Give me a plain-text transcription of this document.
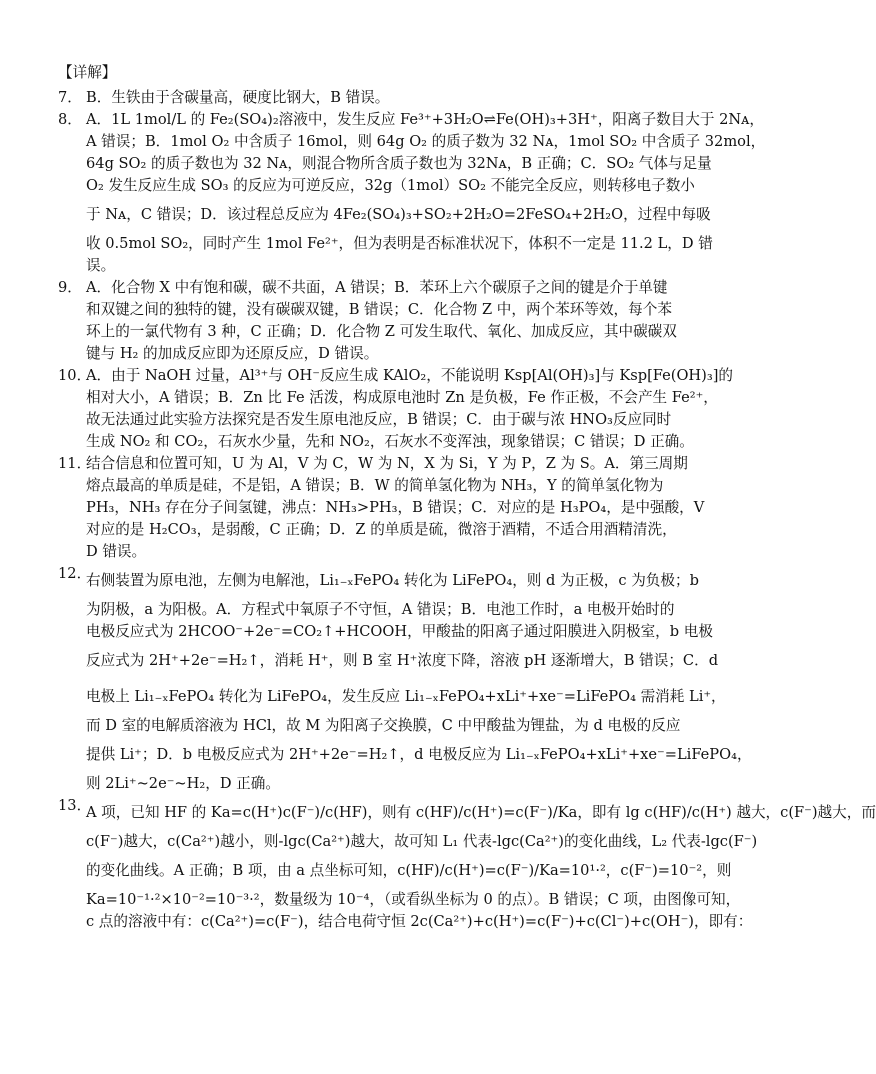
【详解】
7． B．生铁由于含碳量高，硬度比钢大，B 错误。
8． A．1L 1mol/L 的 Fe₂(SO₄)₂溶液中，发生反应 Fe³⁺+3H₂O⇌Fe(OH)₃+3H⁺，阳离子数目大于 2Nᴀ，
A 错误；B．1mol O₂ 中含质子 16mol，则 64g O₂ 的质子数为 32 Nᴀ，1mol SO₂ 中含质子 32mol，
64g SO₂ 的质子数也为 32 Nᴀ，则混合物所含质子数也为 32Nᴀ，B 正确；C．SO₂ 气体与足量
O₂ 发生反应生成 SO₃ 的反应为可逆反应，32g（1mol）SO₂ 不能完全反应，则转移电子数小
于 Nᴀ，C 错误；D．该过程总反应为 4Fe₂(SO₄)₃+SO₂+2H₂O=2FeSO₄+2H₂O，过程中每吸
收 0.5mol SO₂，同时产生 1mol Fe²⁺，但为表明是否标准状况下，体积不一定是 11.2 L，D 错
误。
9． A．化合物 X 中有饱和碳，碳不共面，A 错误；B．苯环上六个碳原子之间的键是介于单键
和双键之间的独特的键，没有碳碳双键，B 错误；C．化合物 Z 中，两个苯环等效，每个苯
环上的一氯代物有 3 种，C 正确；D．化合物 Z 可发生取代、氧化、加成反应，其中碳碳双
键与 H₂ 的加成反应即为还原反应，D 错误。
10．
A．由于 NaOH 过量，Al³⁺与 OH⁻反应生成 KAlO₂，不能说明 Ksp[Al(OH)₃]与 Ksp[Fe(OH)₃]的
相对大小，A 错误；B．Zn 比 Fe 活泼，构成原电池时 Zn 是负极，Fe 作正极，不会产生 Fe²⁺，
故无法通过此实验方法探究是否发生原电池反应，B 错误；C．由于碳与浓 HNO₃反应同时
生成 NO₂ 和 CO₂，石灰水少量，先和 NO₂，石灰水不变浑浊，现象错误；C 错误；D 正确。
11．
结合信息和位置可知，U 为 Al，V 为 C，W 为 N，X 为 Si，Y 为 P，Z 为 S。A．第三周期
熔点最高的单质是硅，不是铝，A 错误；B．W 的简单氢化物为 NH₃，Y 的简单氢化物为
PH₃，NH₃ 存在分子间氢键，沸点：NH₃>PH₃，B 错误；C．对应的是 H₃PO₄，是中强酸，V
对应的是 H₂CO₃，是弱酸，C 正确；D．Z 的单质是硫，微溶于酒精，不适合用酒精清洗，
D 错误。
12．
右侧装置为原电池，左侧为电解池，Li₁₋ₓFePO₄ 转化为 LiFePO₄，则 d 为正极，c 为负极；b
为阴极，a 为阳极。A．方程式中氧原子不守恒，A 错误；B．电池工作时，a 电极开始时的
电极反应式为 2HCOO⁻+2e⁻=CO₂↑+HCOOH，甲酸盐的阳离子通过阳膜进入阴极室，b 电极
反应式为 2H⁺+2e⁻=H₂↑，消耗 H⁺，则 B 室 H⁺浓度下降，溶液 pH 逐渐增大，B 错误；C．d
电极上 Li₁₋ₓFePO₄ 转化为 LiFePO₄，发生反应 Li₁₋ₓFePO₄+xLi⁺+xe⁻=LiFePO₄ 需消耗 Li⁺，
而 D 室的电解质溶液为 HCl，故 M 为阳离子交换膜，C 中甲酸盐为锂盐，为 d 电极的反应
提供 Li⁺；D．b 电极反应式为 2H⁺+2e⁻=H₂↑，d 电极反应为 Li₁₋ₓFePO₄+xLi⁺+xe⁻=LiFePO₄，
则 2Li⁺~2e⁻~H₂，D 正确。
13．
A 项，已知 HF 的 Ka=c(H⁺)c(F⁻)/c(HF)，则有 c(HF)/c(H⁺)=c(F⁻)/Ka，即有 lg c(HF)/c(H⁺) 越大，c(F⁻)越大，而
c(F⁻)越大，c(Ca²⁺)越小，则-lgc(Ca²⁺)越大，故可知 L₁ 代表-lgc(Ca²⁺)的变化曲线，L₂ 代表-lgc(F⁻)
的变化曲线。A 正确；B 项，由 a 点坐标可知，c(HF)/c(H⁺)=c(F⁻)/Ka=10¹·²，c(F⁻)=10⁻²，则
Ka=10⁻¹·²×10⁻²=10⁻³·²，数量级为 10⁻⁴，（或看纵坐标为 0 的点）。B 错误；C 项，由图像可知，
c 点的溶液中有：c(Ca²⁺)=c(F⁻)，结合电荷守恒 2c(Ca²⁺)+c(H⁺)=c(F⁻)+c(Cl⁻)+c(OH⁻)，即有：
